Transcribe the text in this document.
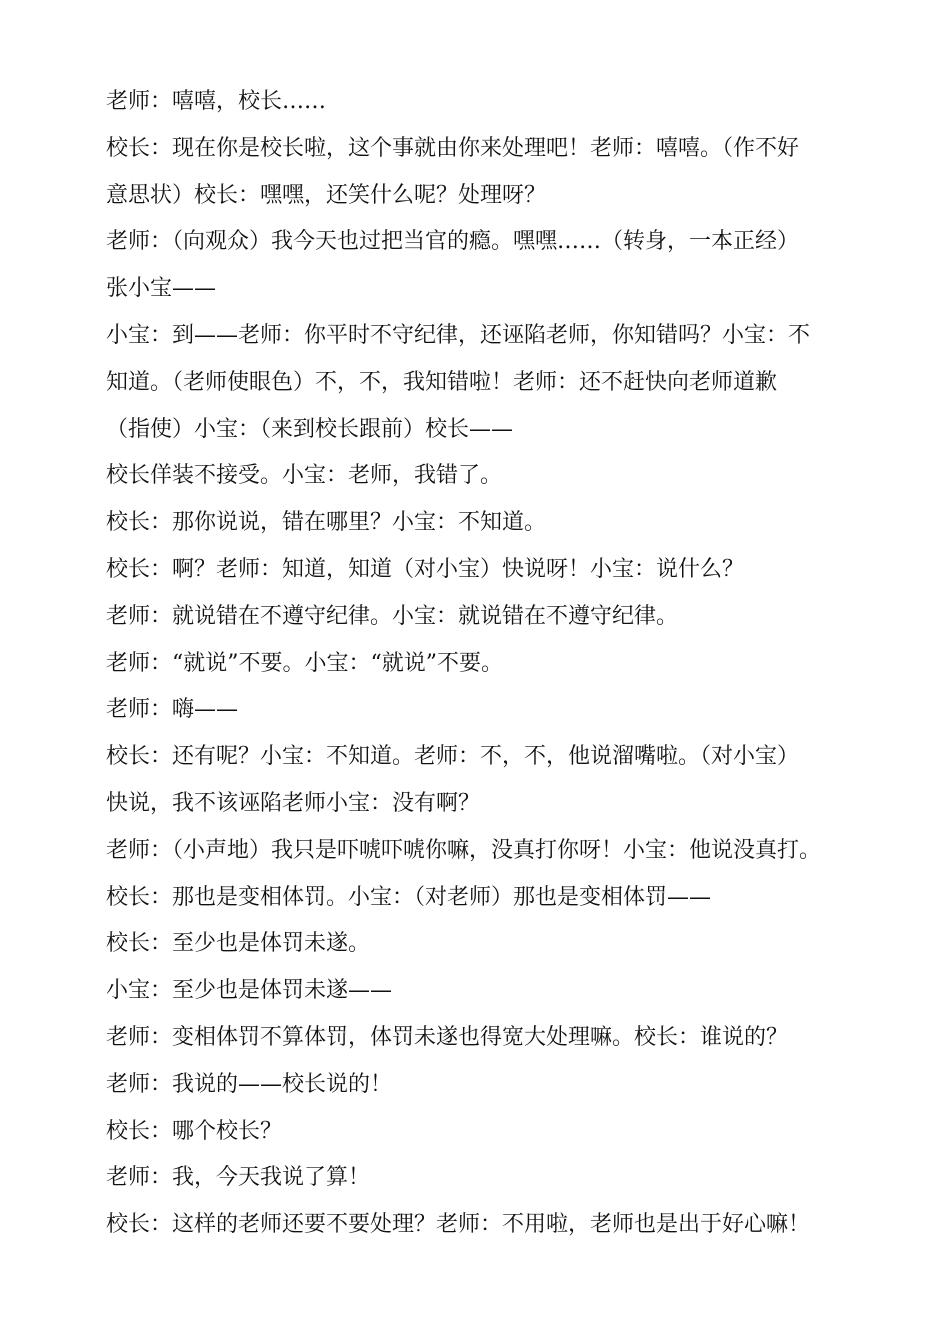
老师：嘻嘻，校长……

校长：现在你是校长啦，这个事就由你来处理吧！老师：嘻嘻。（作不好

意思状）校长：嘿嘿，还笑什么呢？处理呀？

老师：（向观众）我今天也过把当官的瘾。嘿嘿……（转身，一本正经）

张小宝——

小宝：到——老师：你平时不守纪律，还诬陷老师，你知错吗？小宝：不

知道。（老师使眼色）不，不，我知错啦！老师：还不赶快向老师道歉

（指使）小宝：（来到校长跟前）校长——

校长佯装不接受。小宝：老师，我错了。

校长：那你说说，错在哪里？小宝：不知道。

校长：啊？老师：知道，知道（对小宝）快说呀！小宝：说什么？

老师：就说错在不遵守纪律。小宝：就说错在不遵守纪律。

老师：“就说”不要。小宝：“就说”不要。

老师：嗨——

校长：还有呢？小宝：不知道。老师：不，不，他说溜嘴啦。（对小宝）

快说，我不该诬陷老师小宝：没有啊？

老师：（小声地）我只是吓唬吓唬你嘛，没真打你呀！小宝：他说没真打。

校长：那也是变相体罚。小宝：（对老师）那也是变相体罚——

校长：至少也是体罚未遂。

小宝：至少也是体罚未遂——

老师：变相体罚不算体罚，体罚未遂也得宽大处理嘛。校长：谁说的？

老师：我说的——校长说的！

校长：哪个校长？

老师：我，今天我说了算！

校长：这样的老师还要不要处理？老师：不用啦，老师也是出于好心嘛！
